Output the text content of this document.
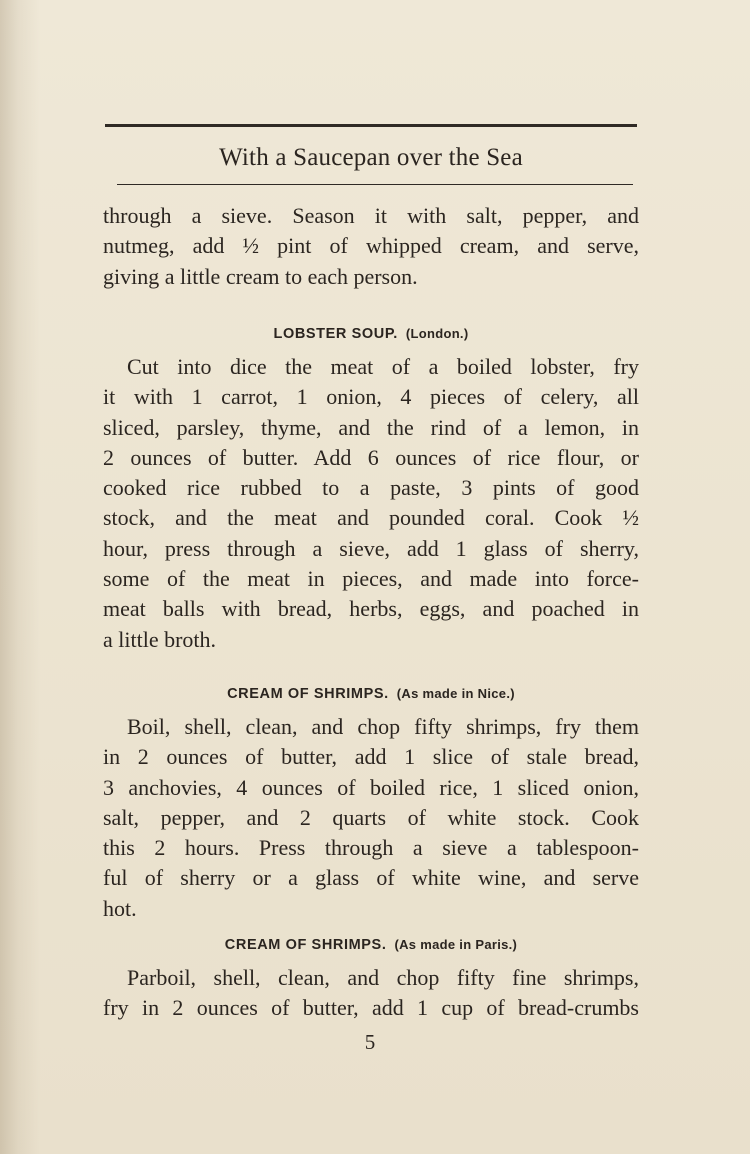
With a Saucepan over the Sea
through a sieve. Season it with salt, pepper, and
nutmeg, add ½ pint of whipped cream, and serve,
giving a little cream to each person.
LOBSTER SOUP. (London.)
Cut into dice the meat of a boiled lobster, fry
it with 1 carrot, 1 onion, 4 pieces of celery, all
sliced, parsley, thyme, and the rind of a lemon, in
2 ounces of butter. Add 6 ounces of rice flour, or
cooked rice rubbed to a paste, 3 pints of good
stock, and the meat and pounded coral. Cook ½
hour, press through a sieve, add 1 glass of sherry,
some of the meat in pieces, and made into force-
meat balls with bread, herbs, eggs, and poached in
a little broth.
CREAM OF SHRIMPS. (As made in Nice.)
Boil, shell, clean, and chop fifty shrimps, fry them
in 2 ounces of butter, add 1 slice of stale bread,
3 anchovies, 4 ounces of boiled rice, 1 sliced onion,
salt, pepper, and 2 quarts of white stock. Cook
this 2 hours. Press through a sieve a tablespoon-
ful of sherry or a glass of white wine, and serve
hot.
CREAM OF SHRIMPS. (As made in Paris.)
Parboil, shell, clean, and chop fifty fine shrimps,
fry in 2 ounces of butter, add 1 cup of bread-crumbs
5
